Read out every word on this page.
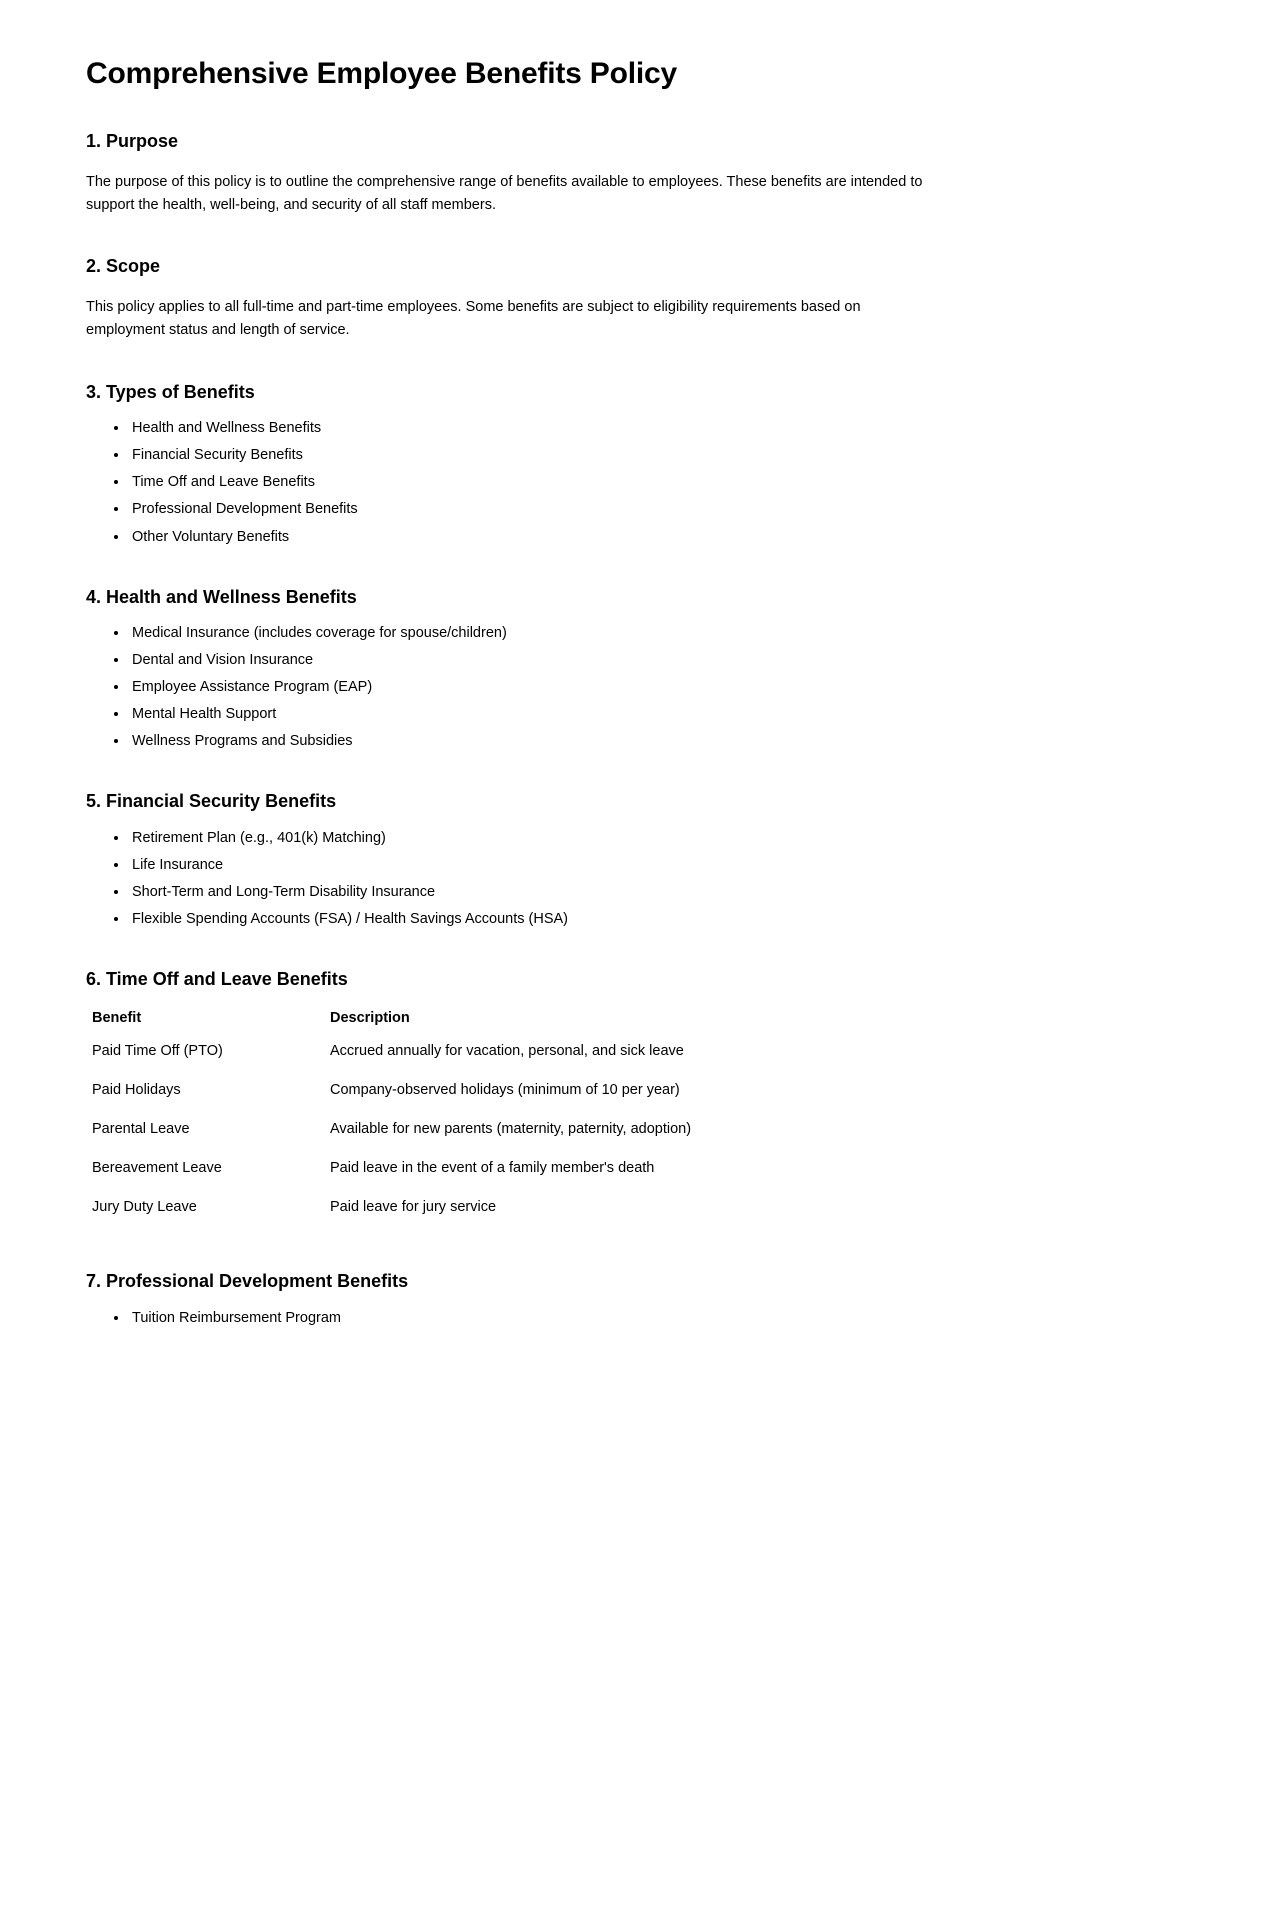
Comprehensive Employee Benefits Policy
1. Purpose

The purpose of this policy is to outline the comprehensive range of benefits available to employees. These benefits are intended to support the health, well-being, and security of all staff members.

2. Scope

This policy applies to all full-time and part-time employees. Some benefits are subject to eligibility requirements based on employment status and length of service.

3. Types of Benefits
Health and Wellness Benefits
Financial Security Benefits
Time Off and Leave Benefits
Professional Development Benefits
Other Voluntary Benefits
4. Health and Wellness Benefits
Medical Insurance (includes coverage for spouse/children)
Dental and Vision Insurance
Employee Assistance Program (EAP)
Mental Health Support
Wellness Programs and Subsidies
5. Financial Security Benefits
Retirement Plan (e.g., 401(k) Matching)
Life Insurance
Short-Term and Long-Term Disability Insurance
Flexible Spending Accounts (FSA) / Health Savings Accounts (HSA)
6. Time Off and Leave Benefits
Benefit	Description
Paid Time Off (PTO)	Accrued annually for vacation, personal, and sick leave
Paid Holidays	Company-observed holidays (minimum of 10 per year)
Parental Leave	Available for new parents (maternity, paternity, adoption)
Bereavement Leave	Paid leave in the event of a family member's death
Jury Duty Leave	Paid leave for jury service
7. Professional Development Benefits
Tuition Reimbursement Program
